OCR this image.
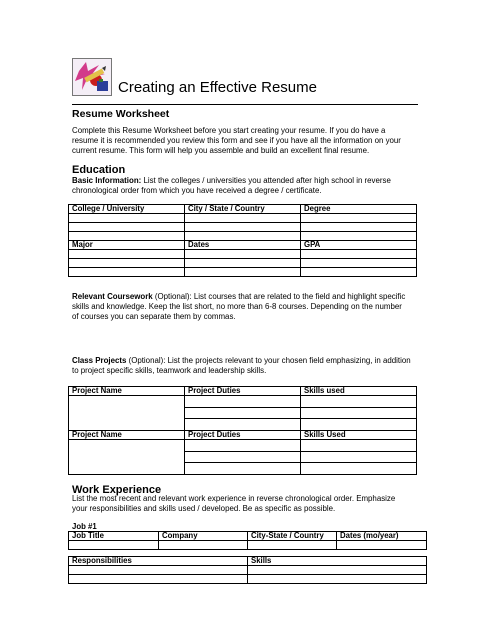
Creating an Effective Resume
Resume Worksheet
Complete this Resume Worksheet before you start creating your resume. If you do have a
resume it is recommended you review this form and see if you have all the information on your
current resume. This form will help you assemble and build an excellent final resume.
Education
Basic Information: List the colleges / universities you attended after high school in reverse
chronological order from which you have received a degree / certificate.
College / University	City / State / Country	Degree

Major	Dates	GPA

Relevant Coursework (Optional): List courses that are related to the field and highlight specific
skills and knowledge. Keep the list short, no more than 6-8 courses. Depending on the number
of courses you can separate them by commas.
Class Projects (Optional): List the projects relevant to your chosen field emphasizing, in addition
to project specific skills, teamwork and leadership skills.
Project Name	Project Duties	Skills used

Project Name	Project Duties	Skills Used

Work Experience
List the most recent and relevant work experience in reverse chronological order. Emphasize
your responsibilities and skills used / developed. Be as specific as possible.
Job #1
Job Title	Company	City-State / Country	Dates (mo/year)

Responsibilities		Skills	
